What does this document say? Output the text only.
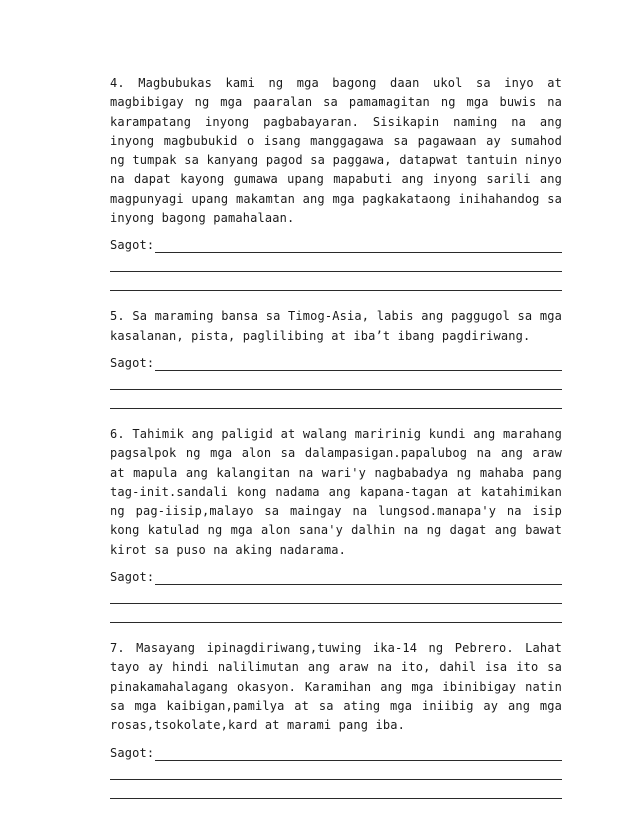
4. Magbubukas kami ng mga bagong daan ukol sa inyo at magbibigay ng mga paaralan sa pamamagitan ng mga buwis na karampatang inyong pagbabayaran. Sisikapin naming na ang inyong magbubukid o isang manggagawa sa pagawaan ay sumahod ng tumpak sa kanyang pagod sa paggawa, datapwat tantuin ninyo na dapat kayong gumawa upang mapabuti ang inyong sarili ang magpunyagi upang makamtan ang mga pagkakataong inihahandog sa inyong bagong pamahalaan.

Sagot:

5. Sa maraming bansa sa Timog-Asia, labis ang paggugol sa mga kasalanan, pista, paglilibing at iba’t ibang pagdiriwang.

Sagot:

6. Tahimik ang paligid at walang maririnig kundi ang marahang pagsalpok ng mga alon sa dalampasigan.papalubog na ang araw at mapula ang kalangitan na wari'y nagbabadya ng mahaba pang tag-init.sandali kong nadama ang kapana-tagan at katahimikan ng pag-iisip,malayo sa maingay na lungsod.manapa'y na isip kong katulad ng mga alon sana'y dalhin na ng dagat ang bawat kirot sa puso na aking nadarama.

Sagot:

7. Masayang ipinagdiriwang,tuwing ika-14 ng Pebrero. Lahat tayo ay hindi nalilimutan ang araw na ito, dahil isa ito sa pinakamahalagang okasyon. Karamihan ang mga ibinibigay natin sa mga kaibigan,pamilya at sa ating mga iniibig ay ang mga rosas,tsokolate,kard at marami pang iba.

Sagot:
